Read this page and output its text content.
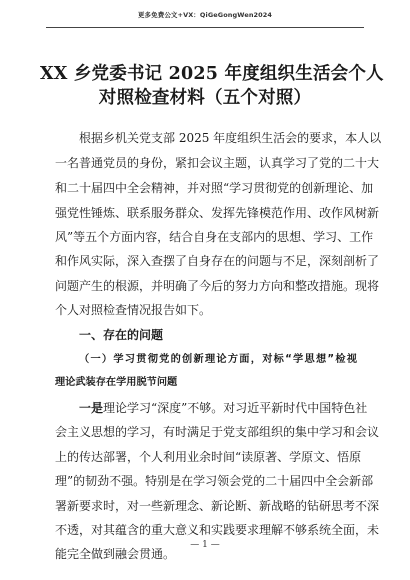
更多免费公文+VX：QiGeGongWen2024
XX 乡党委书记 2025 年度组织生活会个人
对照检查材料（五个对照）
根据乡机关党支部 2025 年度组织生活会的要求，本人以
一名普通党员的身份，紧扣会议主题，认真学习了党的二十大
和二十届四中全会精神，并对照“学习贯彻党的创新理论、加
强党性锤炼、联系服务群众、发挥先锋模范作用、改作风树新
风”等五个方面内容，结合自身在支部内的思想、学习、工作
和作风实际，深入查摆了自身存在的问题与不足，深刻剖析了
问题产生的根源，并明确了今后的努力方向和整改措施。现将
个人对照检查情况报告如下。
一、存在的问题
（一）学习贯彻党的创新理论方面，对标“学思想”检视
理论武装存在学用脱节问题
一是理论学习“深度”不够。对习近平新时代中国特色社
会主义思想的学习，有时满足于党支部组织的集中学习和会议
上的传达部署，个人利用业余时间“读原著、学原文、悟原
理”的韧劲不强。特别是在学习领会党的二十届四中全会新部
署新要求时，对一些新理念、新论断、新战略的钻研思考不深
不透，对其蕴含的重大意义和实践要求理解不够系统全面，未
能完全做到融会贯通。
— 1 —
